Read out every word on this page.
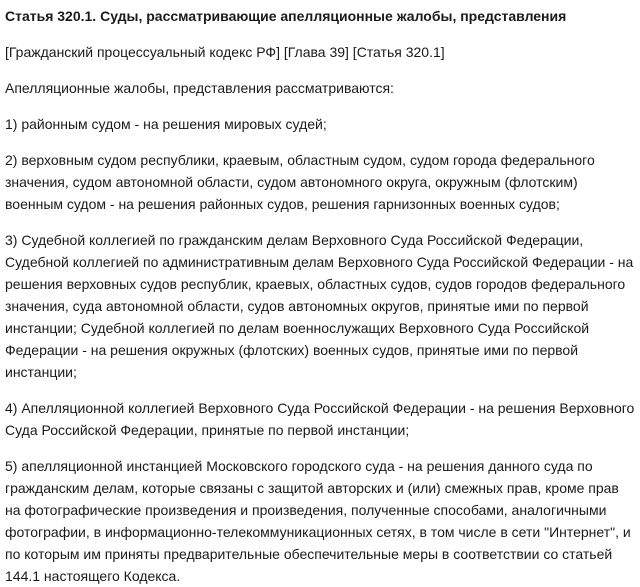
Статья 320.1. Суды, рассматривающие апелляционные жалобы, представления
[Гражданский процессуальный кодекс РФ] [Глава 39] [Статья 320.1]
Апелляционные жалобы, представления рассматриваются:
1) районным судом - на решения мировых судей;
2) верховным судом республики, краевым, областным судом, судом города федерального значения, судом автономной области, судом автономного округа, окружным (флотским) военным судом - на решения районных судов, решения гарнизонных военных судов;
3) Судебной коллегией по гражданским делам Верховного Суда Российской Федерации, Судебной коллегией по административным делам Верховного Суда Российской Федерации - на решения верховных судов республик, краевых, областных судов, судов городов федерального значения, суда автономной области, судов автономных округов, принятые ими по первой инстанции; Судебной коллегией по делам военнослужащих Верховного Суда Российской Федерации - на решения окружных (флотских) военных судов, принятые ими по первой инстанции;
4) Апелляционной коллегией Верховного Суда Российской Федерации - на решения Верховного Суда Российской Федерации, принятые по первой инстанции;
5) апелляционной инстанцией Московского городского суда - на решения данного суда по гражданским делам, которые связаны с защитой авторских и (или) смежных прав, кроме прав на фотографические произведения и произведения, полученные способами, аналогичными фотографии, в информационно-телекоммуникационных сетях, в том числе в сети "Интернет", и по которым им приняты предварительные обеспечительные меры в соответствии со статьей 144.1 настоящего Кодекса.
